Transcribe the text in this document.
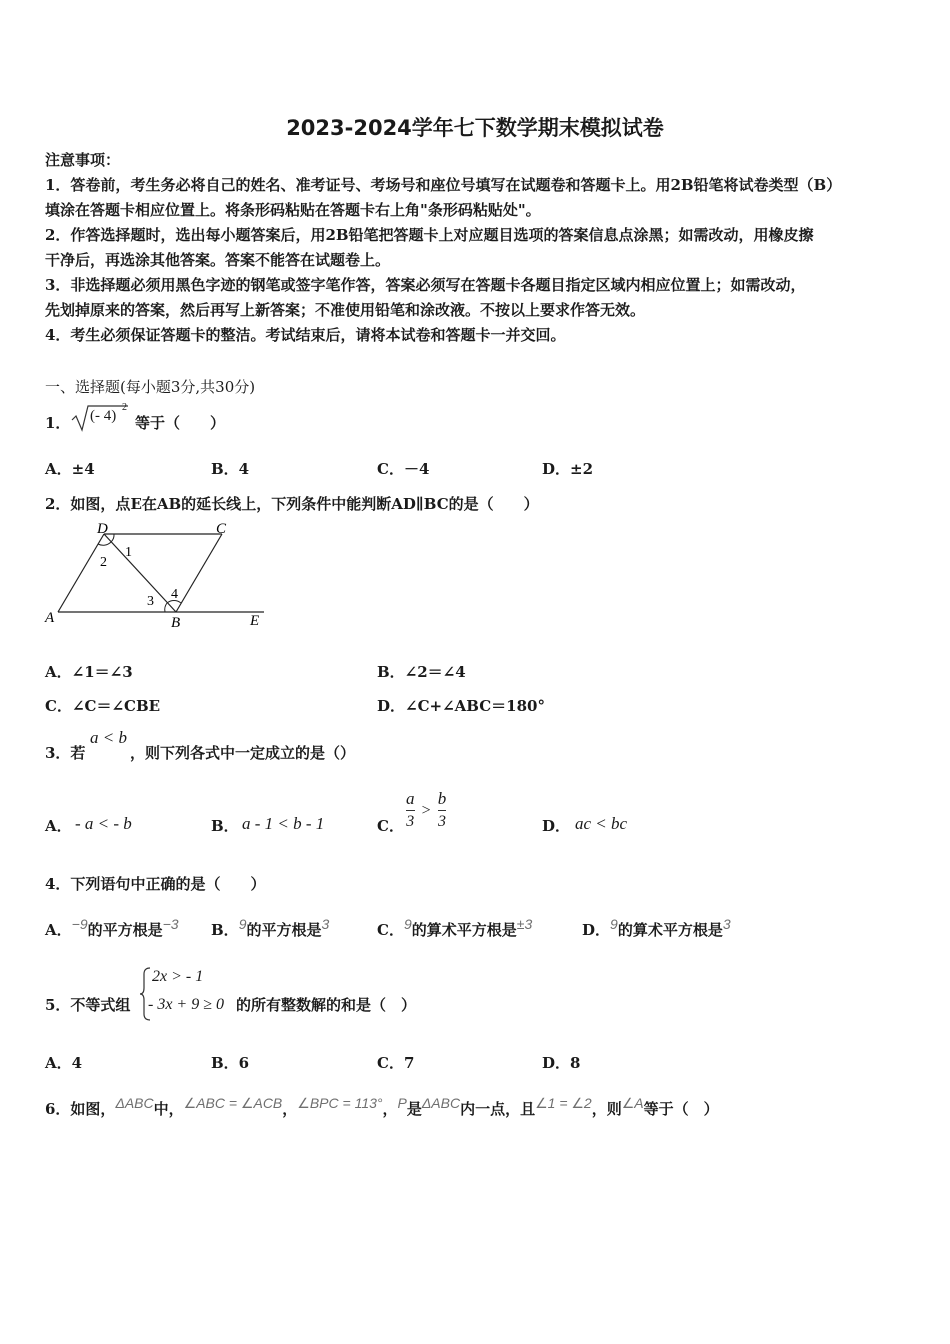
2023-2024学年七下数学期末模拟试卷
注意事项：
1．答卷前，考生务必将自己的姓名、准考证号、考场号和座位号填写在试题卷和答题卡上。用2B铅笔将试卷类型（B）
填涂在答题卡相应位置上。将条形码粘贴在答题卡右上角"条形码粘贴处"。
2．作答选择题时，选出每小题答案后，用2B铅笔把答题卡上对应题目选项的答案信息点涂黑；如需改动，用橡皮擦
干净后，再选涂其他答案。答案不能答在试题卷上。
3．非选择题必须用黑色字迹的钢笔或签字笔作答，答案必须写在答题卡各题目指定区域内相应位置上；如需改动，
先划掉原来的答案，然后再写上新答案；不准使用铅笔和涂改液。不按以上要求作答无效。
4．考生必须保证答题卡的整洁。考试结束后，请将本试卷和答题卡一并交回。
一、选择题(每小题3分,共30分)
1． (- 4)
2
等于（　　）
A．±4	B．4	C．－4	D．±2
2．如图，点E在AB的延长线上，下列条件中能判断AD∥BC的是（　　）
D	C
1
2
4
3
A	B	E
A．∠1＝∠3	B．∠2＝∠4
C．∠C＝∠CBE	D．∠C+∠ABC＝180°
3．若
a < b
，则下列各式中一定成立的是（）
A． - a < - b	B． a - 1 < b - 1	C． $\frac{a}{3} > \frac{b}{3}$	D． ac < bc
4．下列语句中正确的是（　　）
A．−9的平方根是−3 B．9的平方根是3	C．9的算术平方根是±3	D．9的算术平方根是3
5．不等式组
2x > - 1
- 3x + 9 ≥ 0 的所有整数解的和是（　）
A．4	B．6	C．7	D．8
6．如图，ΔABC中，∠ABC = ∠ACB，∠BPC = 113°，P是ΔABC内一点，且∠1 = ∠2，则∠A等于（　）
